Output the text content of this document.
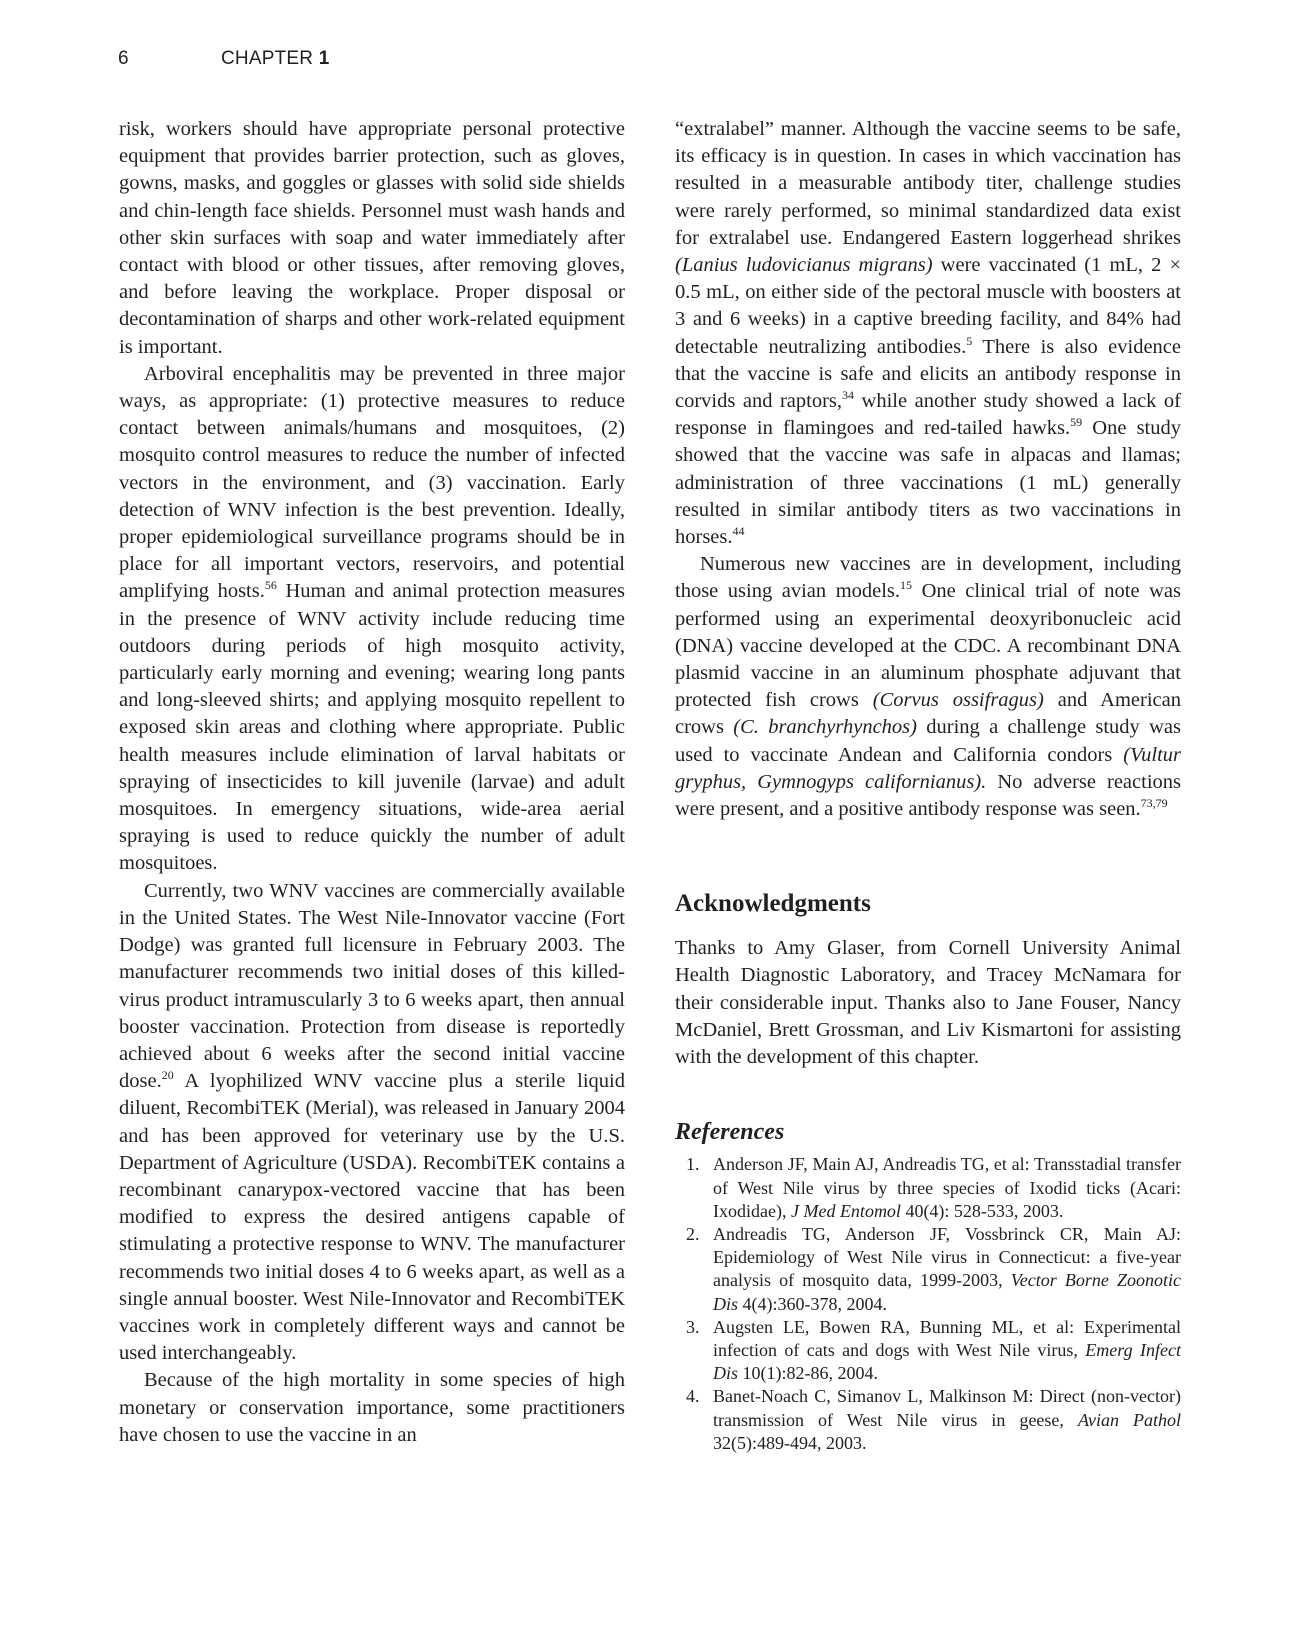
6	CHAPTER 1

risk, workers should have appropriate personal protective equipment that provides barrier protection, such as gloves, gowns, masks, and goggles or glasses with solid side shields and chin-length face shields. Personnel must wash hands and other skin surfaces with soap and water immediately after contact with blood or other tissues, after removing gloves, and before leaving the workplace. Proper disposal or decontamination of sharps and other work-related equipment is important.

Arboviral encephalitis may be prevented in three major ways, as appropriate: (1) protective measures to reduce contact between animals/humans and mosquitoes, (2) mosquito control measures to reduce the number of infected vectors in the environment, and (3) vaccination. Early detection of WNV infection is the best prevention. Ideally, proper epidemiological surveillance programs should be in place for all important vectors, reservoirs, and potential amplifying hosts.$^{56}$ Human and animal protection measures in the presence of WNV activity include reducing time outdoors during periods of high mosquito activity, particularly early morning and evening; wearing long pants and long-sleeved shirts; and applying mosquito repellent to exposed skin areas and clothing where appropriate. Public health measures include elimination of larval habitats or spraying of insecticides to kill juvenile (larvae) and adult mosquitoes. In emergency situations, wide-area aerial spraying is used to reduce quickly the number of adult mosquitoes.

Currently, two WNV vaccines are commercially available in the United States. The West Nile-Innovator vaccine (Fort Dodge) was granted full licensure in February 2003. The manufacturer recommends two initial doses of this killed-virus product intramuscularly 3 to 6 weeks apart, then annual booster vaccination. Protection from disease is reportedly achieved about 6 weeks after the second initial vaccine dose.$^{20}$ A lyophilized WNV vaccine plus a sterile liquid diluent, RecombiTEK (Merial), was released in January 2004 and has been approved for veterinary use by the U.S. Department of Agriculture (USDA). RecombiTEK contains a recombinant canarypox-vectored vaccine that has been modified to express the desired antigens capable of stimulating a protective response to WNV. The manufacturer recommends two initial doses 4 to 6 weeks apart, as well as a single annual booster. West Nile-Innovator and RecombiTEK vaccines work in completely different ways and cannot be used interchangeably.

Because of the high mortality in some species of high monetary or conservation importance, some practitioners have chosen to use the vaccine in an

“extralabel” manner. Although the vaccine seems to be safe, its efficacy is in question. In cases in which vaccination has resulted in a measurable antibody titer, challenge studies were rarely performed, so minimal standardized data exist for extralabel use. Endangered Eastern loggerhead shrikes (Lanius ludovicianus migrans) were vaccinated (1 mL, 2 × 0.5 mL, on either side of the pectoral muscle with boosters at 3 and 6 weeks) in a captive breeding facility, and 84% had detectable neutralizing antibodies.$^5$ There is also evidence that the vaccine is safe and elicits an antibody response in corvids and raptors,$^{34}$ while another study showed a lack of response in flamingoes and red-tailed hawks.$^{59}$ One study showed that the vaccine was safe in alpacas and llamas; administration of three vaccinations (1 mL) generally resulted in similar antibody titers as two vaccinations in horses.$^{44}$

Numerous new vaccines are in development, including those using avian models.$^{15}$ One clinical trial of note was performed using an experimental deoxyribonucleic acid (DNA) vaccine developed at the CDC. A recombinant DNA plasmid vaccine in an aluminum phosphate adjuvant that protected fish crows (Corvus ossifragus) and American crows (C. branchyrhynchos) during a challenge study was used to vaccinate Andean and California condors (Vultur gryphus, Gymnogyps californianus). No adverse reactions were present, and a positive antibody response was seen.$^{73,79}$

Acknowledgments

Thanks to Amy Glaser, from Cornell University Animal Health Diagnostic Laboratory, and Tracey McNamara for their considerable input. Thanks also to Jane Fouser, Nancy McDaniel, Brett Grossman, and Liv Kismartoni for assisting with the development of this chapter.

References
1. Anderson JF, Main AJ, Andreadis TG, et al: Transstadial transfer of West Nile virus by three species of Ixodid ticks (Acari: Ixodidae), J Med Entomol 40(4): 528-533, 2003.
2. Andreadis TG, Anderson JF, Vossbrinck CR, Main AJ: Epidemiology of West Nile virus in Connecticut: a five-year analysis of mosquito data, 1999-2003, Vector Borne Zoonotic Dis 4(4):360-378, 2004.
3. Augsten LE, Bowen RA, Bunning ML, et al: Experimental infection of cats and dogs with West Nile virus, Emerg Infect Dis 10(1):82-86, 2004.
4. Banet-Noach C, Simanov L, Malkinson M: Direct (non-vector) transmission of West Nile virus in geese, Avian Pathol 32(5):489-494, 2003.
